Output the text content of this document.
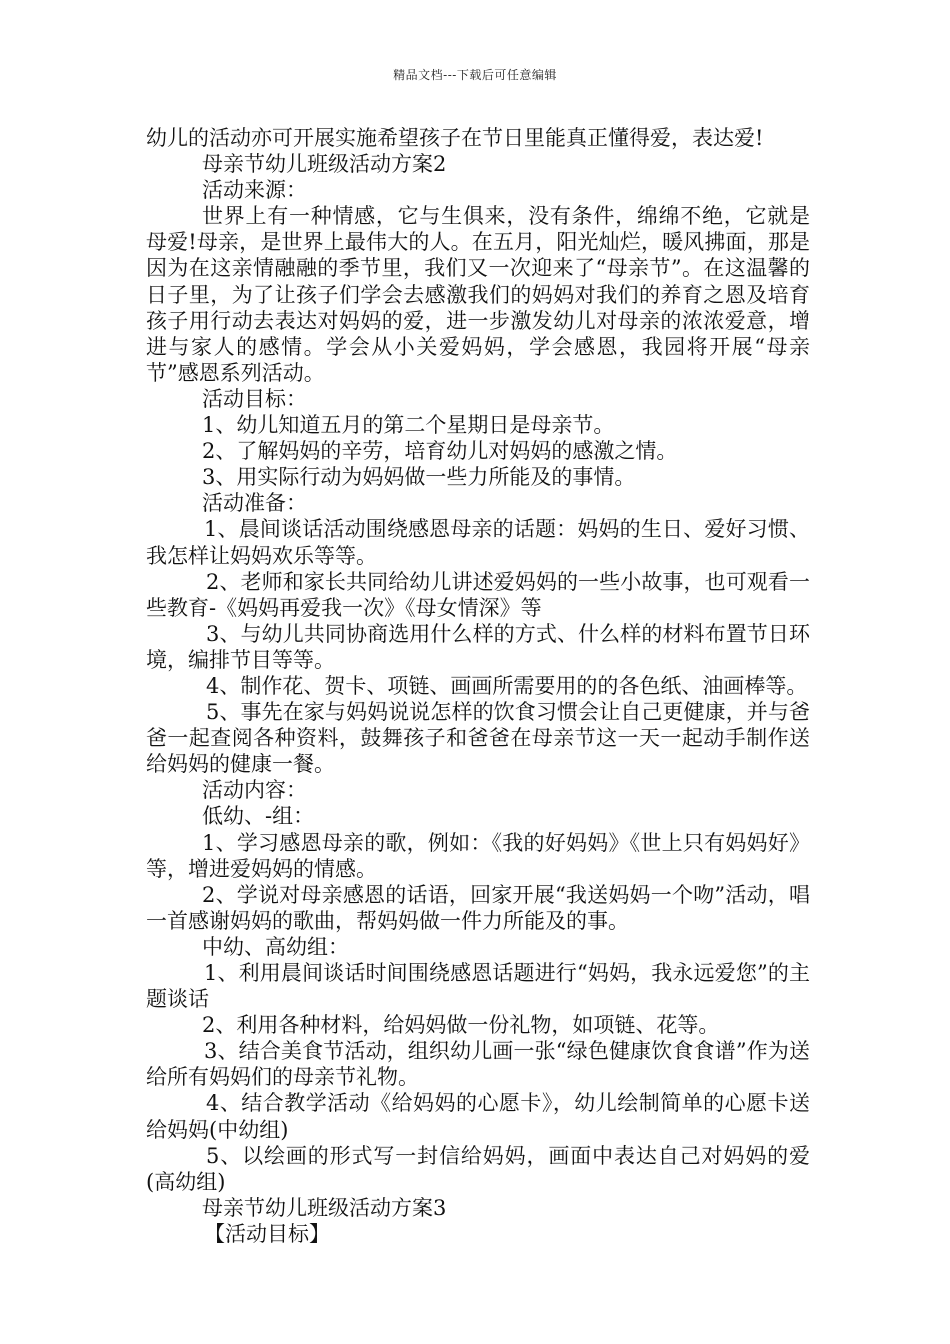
精品文档---下载后可任意编辑

幼儿的活动亦可开展实施希望孩子在节日里能真正懂得爱，表达爱!

母亲节幼儿班级活动方案2

活动来源：

世界上有一种情感，它与生俱来，没有条件，绵绵不绝，它就是母爱!母亲，是世界上最伟大的人。在五月，阳光灿烂，暖风拂面，那是因为在这亲情融融的季节里，我们又一次迎来了“母亲节”。在这温馨的日子里，为了让孩子们学会去感激我们的妈妈对我们的养育之恩及培育孩子用行动去表达对妈妈的爱，进一步激发幼儿对母亲的浓浓爱意，增进与家人的感情。学会从小关爱妈妈，学会感恩，我园将开展“母亲节”感恩系列活动。

活动目标：

1、幼儿知道五月的第二个星期日是母亲节。

2、了解妈妈的辛劳，培育幼儿对妈妈的感激之情。

3、用实际行动为妈妈做一些力所能及的事情。

活动准备：

1、晨间谈话活动围绕感恩母亲的话题：妈妈的生日、爱好习惯、我怎样让妈妈欢乐等等。

2、老师和家长共同给幼儿讲述爱妈妈的一些小故事，也可观看一些教育-《妈妈再爱我一次》《母女情深》等

3、与幼儿共同协商选用什么样的方式、什么样的材料布置节日环境，编排节目等等。

4、制作花、贺卡、项链、画画所需要用的的各色纸、油画棒等。

5、事先在家与妈妈说说怎样的饮食习惯会让自己更健康，并与爸爸一起查阅各种资料，鼓舞孩子和爸爸在母亲节这一天一起动手制作送给妈妈的健康一餐。

活动内容：

低幼、-组：

1、学习感恩母亲的歌，例如：《我的好妈妈》《世上只有妈妈好》等，增进爱妈妈的情感。

2、学说对母亲感恩的话语，回家开展“我送妈妈一个吻”活动，唱一首感谢妈妈的歌曲，帮妈妈做一件力所能及的事。

中幼、高幼组：

1、利用晨间谈话时间围绕感恩话题进行“妈妈，我永远爱您”的主题谈话

2、利用各种材料，给妈妈做一份礼物，如项链、花等。

3、结合美食节活动，组织幼儿画一张“绿色健康饮食食谱”作为送给所有妈妈们的母亲节礼物。

4、结合教学活动《给妈妈的心愿卡》，幼儿绘制简单的心愿卡送给妈妈(中幼组)

5、以绘画的形式写一封信给妈妈，画面中表达自己对妈妈的爱(高幼组)

母亲节幼儿班级活动方案3

【活动目标】
